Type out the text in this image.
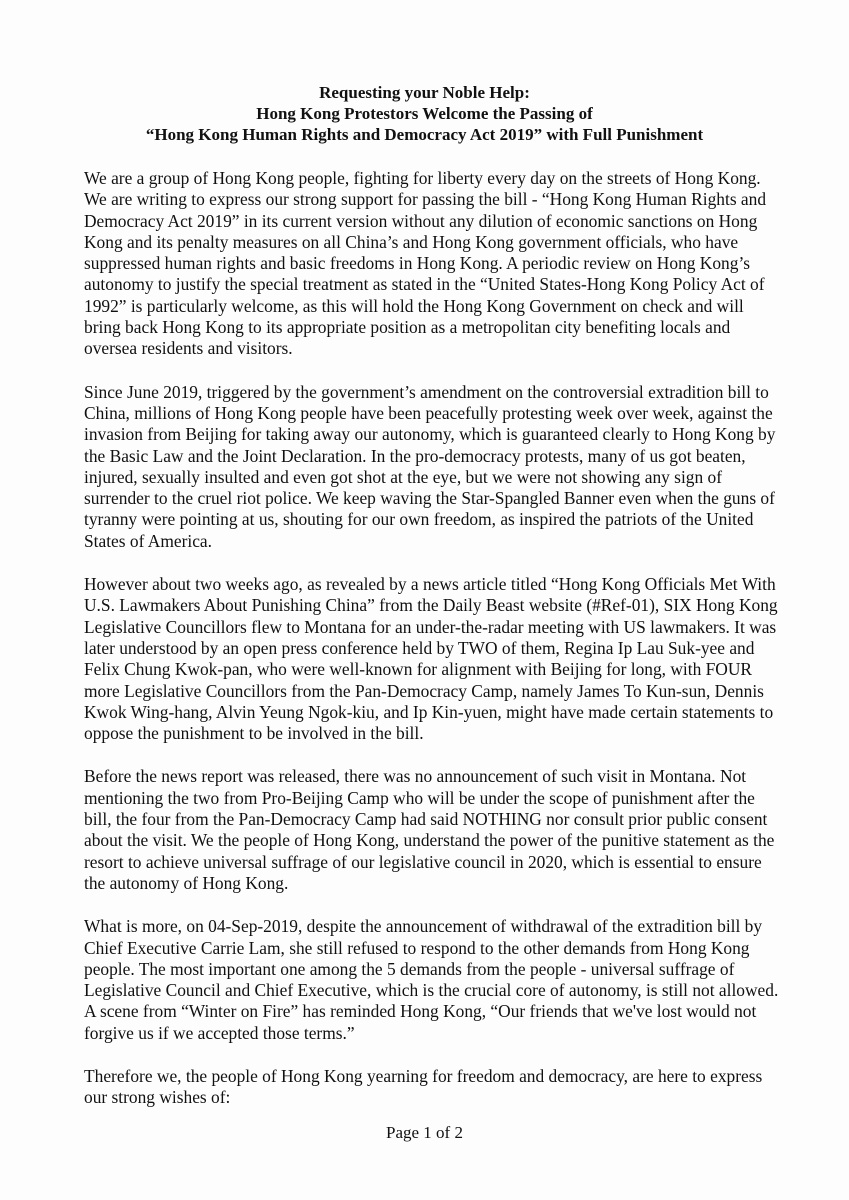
Requesting your Noble Help:
Hong Kong Protestors Welcome the Passing of
“Hong Kong Human Rights and Democracy Act 2019” with Full Punishment

We are a group of Hong Kong people, fighting for liberty every day on the streets of Hong Kong.
We are writing to express our strong support for passing the bill - “Hong Kong Human Rights and
Democracy Act 2019” in its current version without any dilution of economic sanctions on Hong
Kong and its penalty measures on all China’s and Hong Kong government officials, who have
suppressed human rights and basic freedoms in Hong Kong. A periodic review on Hong Kong’s
autonomy to justify the special treatment as stated in the “United States-Hong Kong Policy Act of
1992” is particularly welcome, as this will hold the Hong Kong Government on check and will
bring back Hong Kong to its appropriate position as a metropolitan city benefiting locals and
oversea residents and visitors.

Since June 2019, triggered by the government’s amendment on the controversial extradition bill to
China, millions of Hong Kong people have been peacefully protesting week over week, against the
invasion from Beijing for taking away our autonomy, which is guaranteed clearly to Hong Kong by
the Basic Law and the Joint Declaration. In the pro-democracy protests, many of us got beaten,
injured, sexually insulted and even got shot at the eye, but we were not showing any sign of
surrender to the cruel riot police. We keep waving the Star-Spangled Banner even when the guns of
tyranny were pointing at us, shouting for our own freedom, as inspired the patriots of the United
States of America.

However about two weeks ago, as revealed by a news article titled “Hong Kong Officials Met With
U.S. Lawmakers About Punishing China” from the Daily Beast website (#Ref-01), SIX Hong Kong
Legislative Councillors flew to Montana for an under-the-radar meeting with US lawmakers. It was
later understood by an open press conference held by TWO of them, Regina Ip Lau Suk-yee and
Felix Chung Kwok-pan, who were well-known for alignment with Beijing for long, with FOUR
more Legislative Councillors from the Pan-Democracy Camp, namely James To Kun-sun, Dennis
Kwok Wing-hang, Alvin Yeung Ngok-kiu, and Ip Kin-yuen, might have made certain statements to
oppose the punishment to be involved in the bill.

Before the news report was released, there was no announcement of such visit in Montana. Not
mentioning the two from Pro-Beijing Camp who will be under the scope of punishment after the
bill, the four from the Pan-Democracy Camp had said NOTHING nor consult prior public consent
about the visit. We the people of Hong Kong, understand the power of the punitive statement as the
resort to achieve universal suffrage of our legislative council in 2020, which is essential to ensure
the autonomy of Hong Kong.

What is more, on 04-Sep-2019, despite the announcement of withdrawal of the extradition bill by
Chief Executive Carrie Lam, she still refused to respond to the other demands from Hong Kong
people. The most important one among the 5 demands from the people - universal suffrage of
Legislative Council and Chief Executive, which is the crucial core of autonomy, is still not allowed.
A scene from “Winter on Fire” has reminded Hong Kong, “Our friends that we've lost would not
forgive us if we accepted those terms.”

Therefore we, the people of Hong Kong yearning for freedom and democracy, are here to express
our strong wishes of:

Page 1 of 2
